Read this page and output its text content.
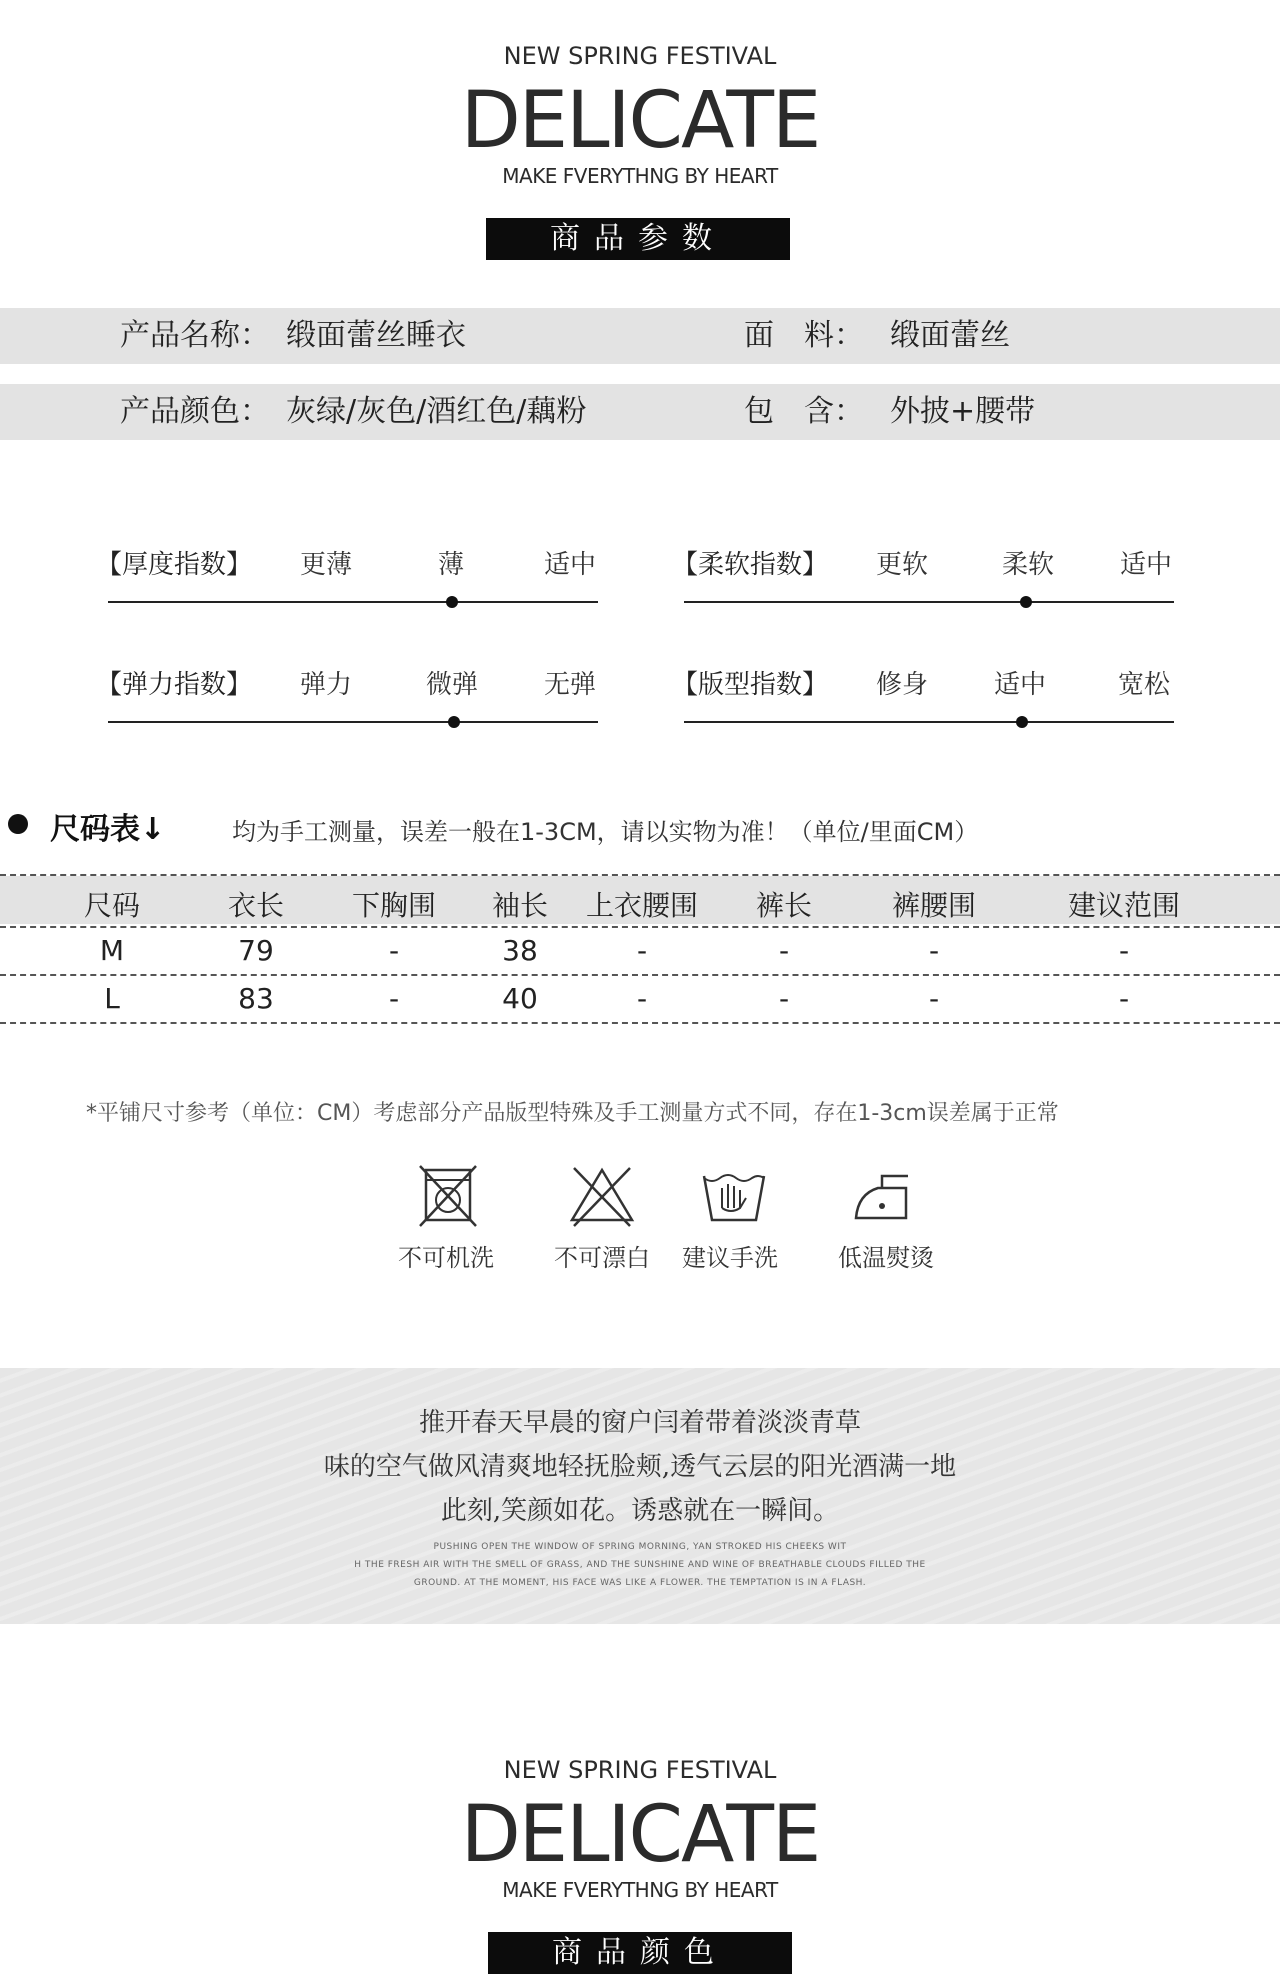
NEW SPRING FESTIVAL
DELICATE
MAKE FVERYTHNG BY HEART
商品参数
产品名称： 缎面蕾丝睡衣	面　料： 缎面蕾丝
产品颜色： 灰绿/灰色/酒红色/藕粉	包　含： 外披+腰带
【厚度指数】 更薄	薄	适中	【柔软指数】 更软	柔软	适中
【弹力指数】 弹力	微弹	无弹	【版型指数】 修身	适中	宽松
尺码表↓	均为手工测量，误差一般在1-3CM，请以实物为准！（单位/里面CM）
尺码	衣长	下胸围	袖长	上衣腰围	裤长	裤腰围	建议范围
M	79	-	38	-	-	-	-
L	83	-	40	-	-	-	-
*平铺尺寸参考（单位：CM）考虑部分产品版型特殊及手工测量方式不同，存在1-3cm误差属于正常
不可机洗	不可漂白	建议手洗	低温熨烫
推开春天早晨的窗户闫着带着淡淡青草
味的空气做风清爽地轻抚脸颊,透气云层的阳光酒满一地
此刻,笑颜如花。诱惑就在一瞬间。
PUSHING OPEN THE WINDOW OF SPRING MORNING, YAN STROKED HIS CHEEKS WIT
H THE FRESH AIR WITH THE SMELL OF GRASS, AND THE SUNSHINE AND WINE OF BREATHABLE CLOUDS FILLED THE
GROUND. AT THE MOMENT, HIS FACE WAS LIKE A FLOWER. THE TEMPTATION IS IN A FLASH.
NEW SPRING FESTIVAL
DELICATE
MAKE FVERYTHNG BY HEART
商品颜色
